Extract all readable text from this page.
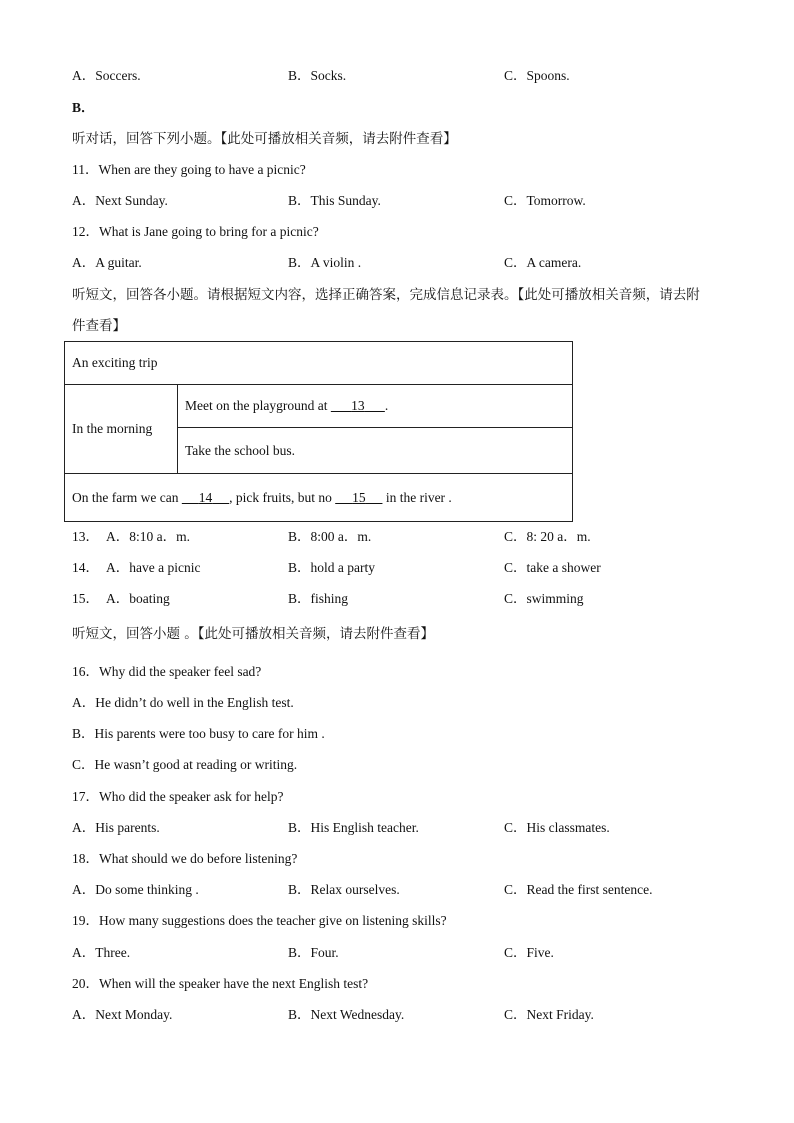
A．Soccers.	B．Socks.	C．Spoons.
B．
听对话，回答下列小题。【此处可播放相关音频，请去附件查看】
11．When are they going to have a picnic?
A．Next Sunday.	B．This Sunday.	C．Tomorrow.
12．What is Jane going to bring for a picnic?
A．A guitar.	B．A violin .	C．A camera.
听短文，回答各小题。请根据短文内容，选择正确答案，完成信息记录表。【此处可播放相关音频，请去附
件查看】
An exciting trip
In the morning	Meet on the playground at       13 .
Take the school bus.
On the farm we can      14 , pick fruits, but no      15      in the river .
13． A．8:10 a．m.	B．8:00 a．m.	C．8: 20 a．m.
14． A．have a picnic	B．hold a party	C．take a shower
15． A．boating	B．fishing	C．swimming
听短文，回答小题 。【此处可播放相关音频，请去附件查看】
16．Why did the speaker feel sad?
A．He didn’t do well in the English test.
B．His parents were too busy to care for him .
C．He wasn’t good at reading or writing.
17．Who did the speaker ask for help?
A．His parents.	B．His English teacher.	C．His classmates.
18．What should we do before listening?
A．Do some thinking .	B．Relax ourselves.	C．Read the first sentence.
19．How many suggestions does the teacher give on listening skills?
A．Three.	B．Four.	C．Five.
20．When will the speaker have the next English test?
A．Next Monday.	B．Next Wednesday.	C．Next Friday.
